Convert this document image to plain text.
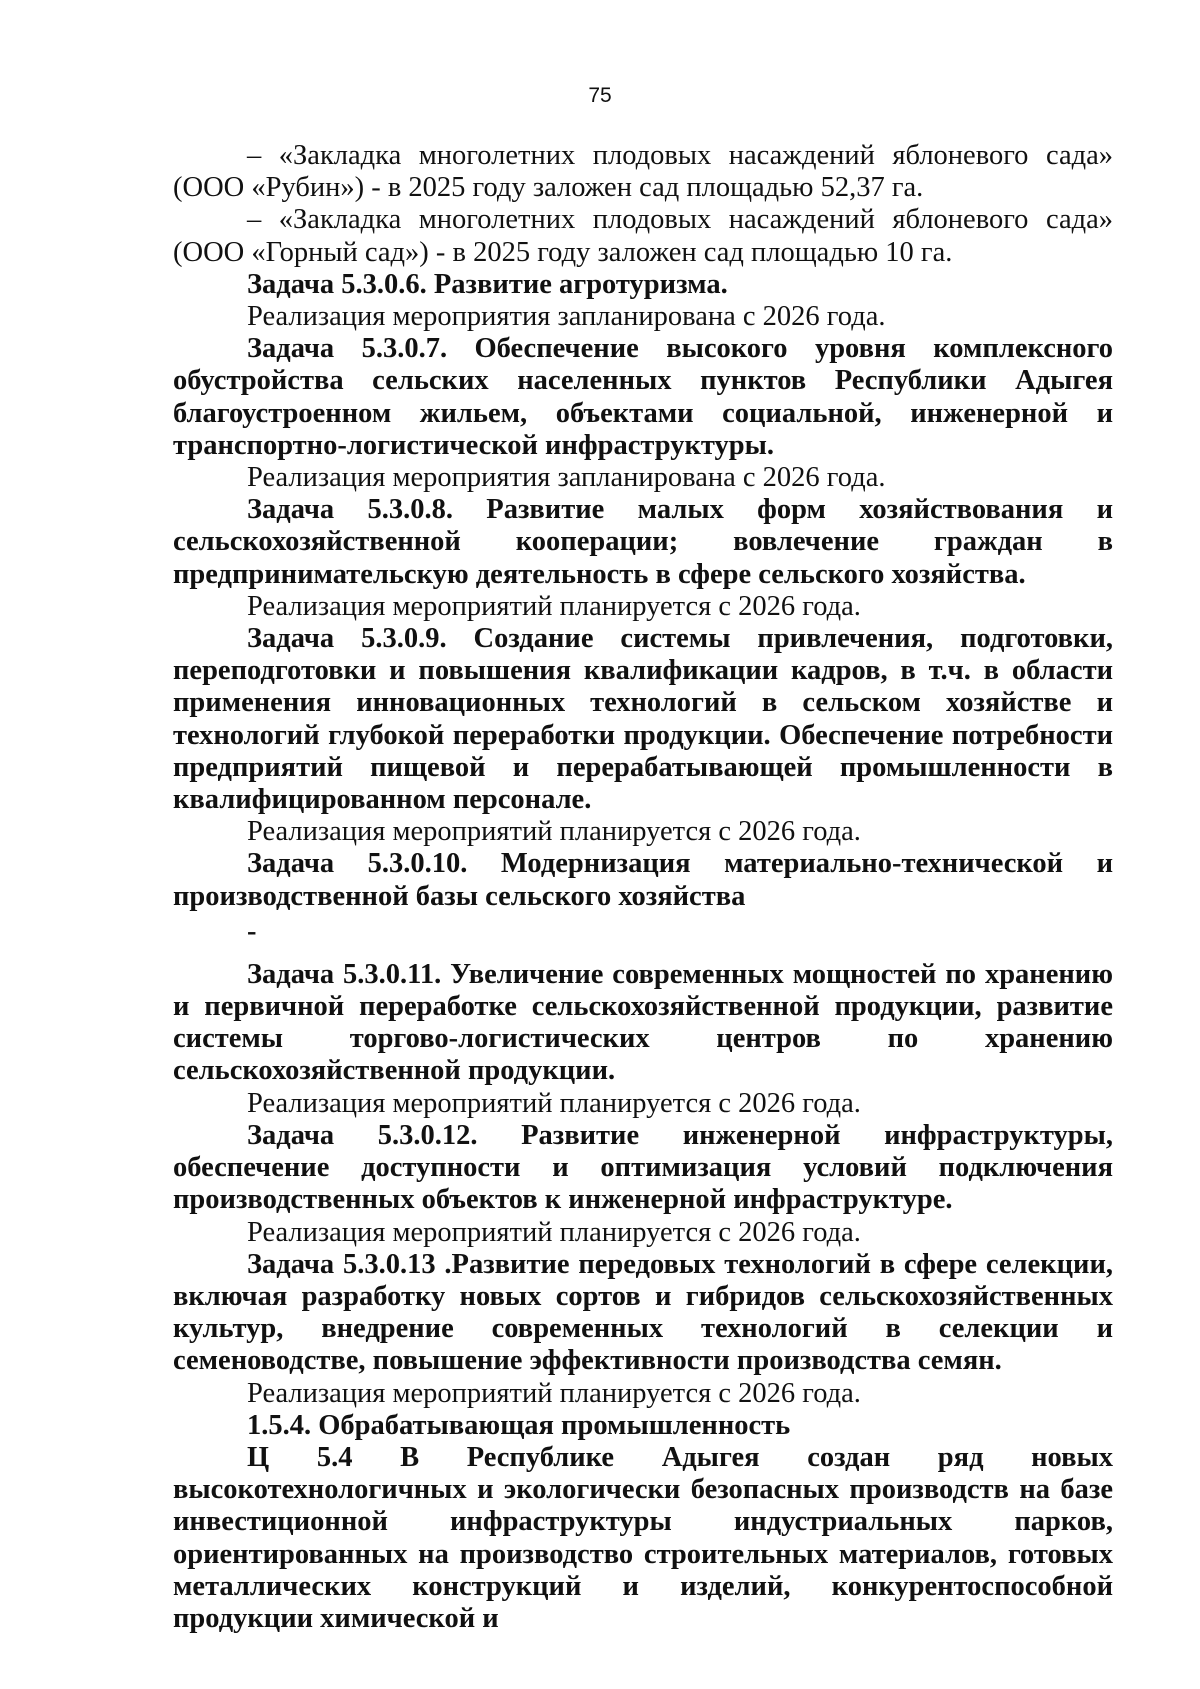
75

– «Закладка многолетних плодовых насаждений яблоневого сада» (ООО «Рубин») - в 2025 году заложен сад площадью 52,37 га.

– «Закладка многолетних плодовых насаждений яблоневого сада» (ООО «Горный сад») - в 2025 году заложен сад площадью 10 га.

Задача 5.3.0.6. Развитие агротуризма.

Реализация мероприятия запланирована с 2026 года.

Задача 5.3.0.7. Обеспечение высокого уровня комплексного обустройства сельских населенных пунктов Республики Адыгея благоустроенном жильем, объектами социальной, инженерной и транспортно-логистической инфраструктуры.

Реализация мероприятия запланирована с 2026 года.

Задача 5.3.0.8. Развитие малых форм хозяйствования и сельскохозяйственной кооперации; вовлечение граждан в предпринимательскую деятельность в сфере сельского хозяйства.

Реализация мероприятий планируется с 2026 года.

Задача 5.3.0.9. Создание системы привлечения, подготовки, переподготовки и повышения квалификации кадров, в т.ч. в области применения инновационных технологий в сельском хозяйстве и технологий глубокой переработки продукции. Обеспечение потребности предприятий пищевой и перерабатывающей промышленности в квалифицированном персонале.

Реализация мероприятий планируется с 2026 года.

Задача 5.3.0.10. Модернизация материально-технической и производственной базы сельского хозяйства

-

Задача 5.3.0.11. Увеличение современных мощностей по хранению и первичной переработке сельскохозяйственной продукции, развитие системы торгово-логистических центров по хранению сельскохозяйственной продукции.

Реализация мероприятий планируется с 2026 года.

Задача 5.3.0.12. Развитие инженерной инфраструктуры, обеспечение доступности и оптимизация условий подключения производственных объектов к инженерной инфраструктуре.

Реализация мероприятий планируется с 2026 года.

Задача 5.3.0.13 .Развитие передовых технологий в сфере селекции, включая разработку новых сортов и гибридов сельскохозяйственных культур, внедрение современных технологий в селекции и семеноводстве, повышение эффективности производства семян.

Реализация мероприятий планируется с 2026 года.

1.5.4. Обрабатывающая промышленность

Ц 5.4 В Республике Адыгея создан ряд новых высокотехнологичных и экологически безопасных производств на базе инвестиционной инфраструктуры индустриальных парков, ориентированных на производство строительных материалов, готовых металлических конструкций и изделий, конкурентоспособной продукции химической и
